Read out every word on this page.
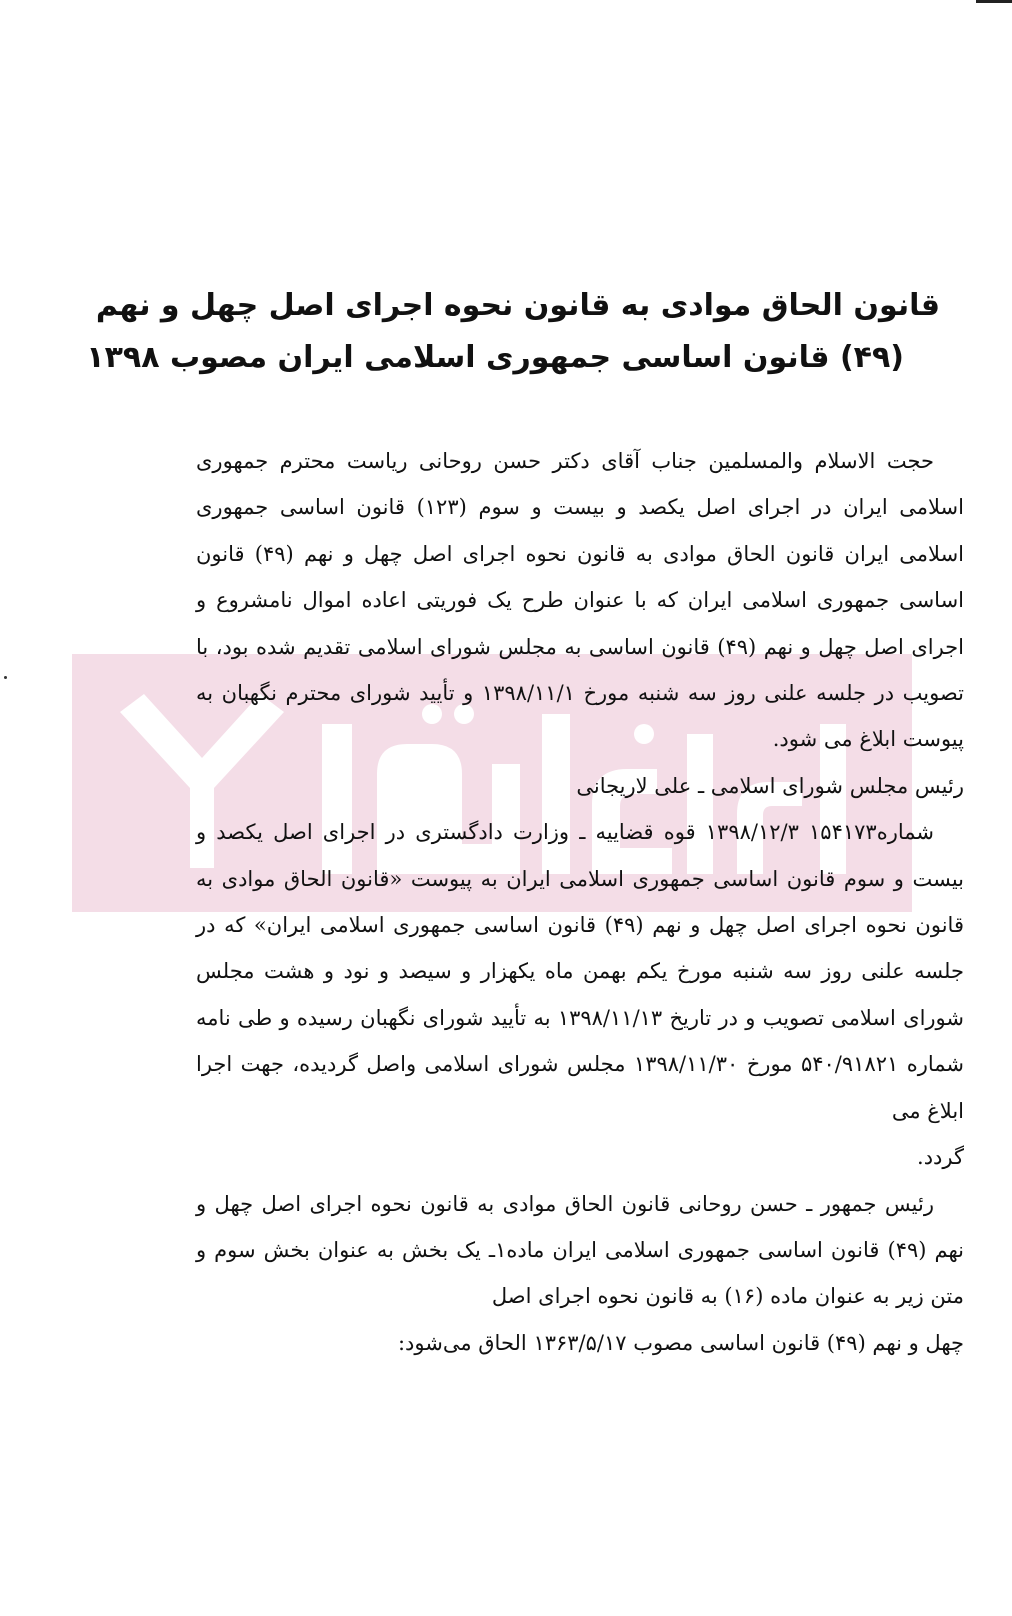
قانون الحاق موادی به قانون نحوه اجرای اصل چهل و نهم
(۴۹) قانون اساسی جمهوری اسلامی ایران مصوب ۱۳۹۸

حجت الاسلام والمسلمین جناب آقای دکتر حسن روحانی ریاست محترم جمهوری اسلامی ایران در اجرای اصل یکصد و بیست و سوم (۱۲۳) قانون اساسی جمهوری اسلامی ایران قانون الحاق موادی به قانون نحوه اجرای اصل چهل و نهم (۴۹) قانون اساسی جمهوری اسلامی ایران که با عنوان طرح یک فوریتی اعاده اموال نامشروع و اجرای اصل چهل و نهم (۴۹) قانون اساسی به مجلس شورای اسلامی تقدیم شده بود، با تصویب در جلسه علنی روز سه شنبه مورخ ۱۳۹۸/۱۱/۱ و تأیید شورای محترم نگهبان به پیوست ابلاغ می شود.
رئیس مجلس شورای اسلامی ـ علی لاریجانی

شماره۱۵۴۱۷۳ ۱۳۹۸/۱۲/۳ قوه قضاییه ـ وزارت دادگستری در اجرای اصل یکصد و بیست و سوم قانون اساسی جمهوری اسلامی ایران به پیوست «قانون الحاق موادی به قانون نحوه اجرای اصل چهل و نهم (۴۹) قانون اساسی جمهوری اسلامی ایران» که در جلسه علنی روز سه شنبه مورخ یکم بهمن ماه یکهزار و سیصد و نود و هشت مجلس شورای اسلامی تصویب و در تاریخ ۱۳۹۸/۱۱/۱۳ به تأیید شورای نگهبان رسیده و طی نامه شماره ۵۴۰/۹۱۸۲۱ مورخ ۱۳۹۸/۱۱/۳۰ مجلس شورای اسلامی واصل گردیده، جهت اجرا ابلاغ می
گردد.

رئیس جمهور ـ حسن روحانی قانون الحاق موادی به قانون نحوه اجرای اصل چهل و نهم (۴۹) قانون اساسی جمهوری اسلامی ایران ماده۱ـ یک بخش به عنوان بخش سوم و متن زیر به عنوان ماده (۱۶) به قانون نحوه اجرای اصل
چهل و نهم (۴۹) قانون اساسی مصوب ۱۳۶۳/۵/۱۷ الحاق می‌شود:
